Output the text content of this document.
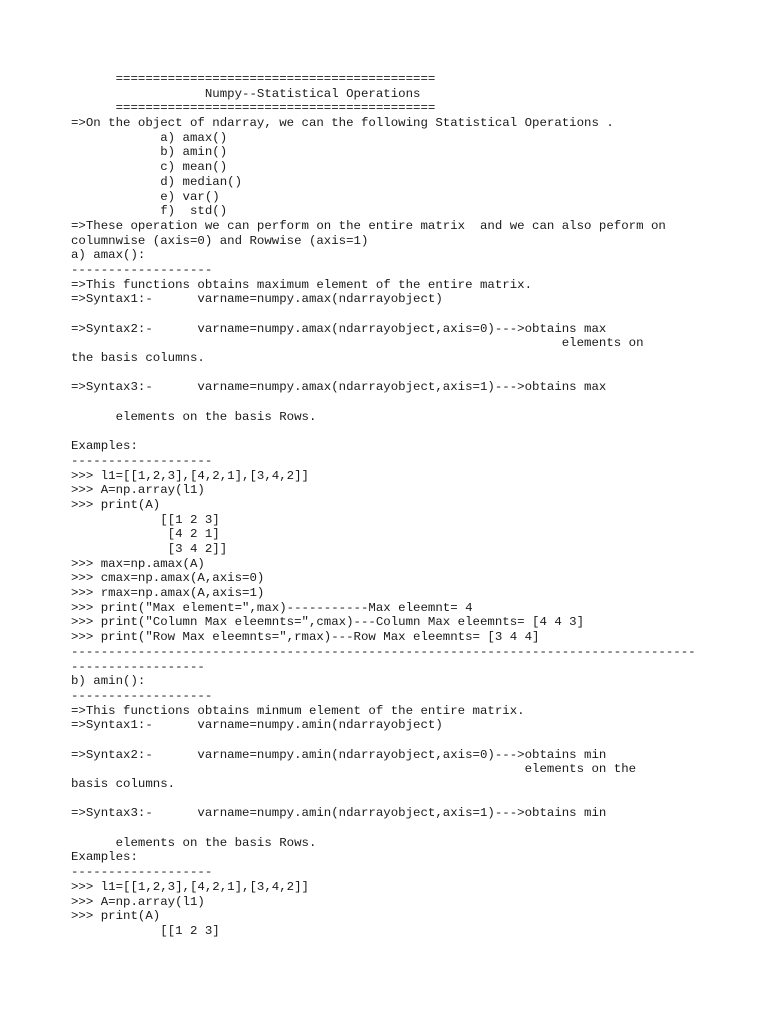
===========================================
Numpy--Statistical Operations
===========================================
=>On the object of ndarray, we can the following Statistical Operations .
a) amax()
b) amin()
c) mean()
d) median()
e) var()
f)  std()
=>These operation we can perform on the entire matrix  and we can also peform on
columnwise (axis=0) and Rowwise (axis=1)
a) amax():
-------------------
=>This functions obtains maximum element of the entire matrix.
=>Syntax1:-      varname=numpy.amax(ndarrayobject)
=>Syntax2:-      varname=numpy.amax(ndarrayobject,axis=0)--->obtains max
elements on
the basis columns.
=>Syntax3:-      varname=numpy.amax(ndarrayobject,axis=1)--->obtains max
elements on the basis Rows.
Examples:
-------------------
>>> l1=[[1,2,3],[4,2,1],[3,4,2]]
>>> A=np.array(l1)
>>> print(A)
[[1 2 3]
[4 2 1]
[3 4 2]]
>>> max=np.amax(A)
>>> cmax=np.amax(A,axis=0)
>>> rmax=np.amax(A,axis=1)
>>> print("Max element=",max)-----------Max eleemnt= 4
>>> print("Column Max eleemnts=",cmax)---Column Max eleemnts= [4 4 3]
>>> print("Row Max eleemnts=",rmax)---Row Max eleemnts= [3 4 4]
------------------------------------------------------------------------------------
------------------
b) amin():
-------------------
=>This functions obtains minmum element of the entire matrix.
=>Syntax1:-      varname=numpy.amin(ndarrayobject)
=>Syntax2:-      varname=numpy.amin(ndarrayobject,axis=0)--->obtains min
elements on the
basis columns.
=>Syntax3:-      varname=numpy.amin(ndarrayobject,axis=1)--->obtains min
elements on the basis Rows.
Examples:
-------------------
>>> l1=[[1,2,3],[4,2,1],[3,4,2]]
>>> A=np.array(l1)
>>> print(A)
[[1 2 3]
